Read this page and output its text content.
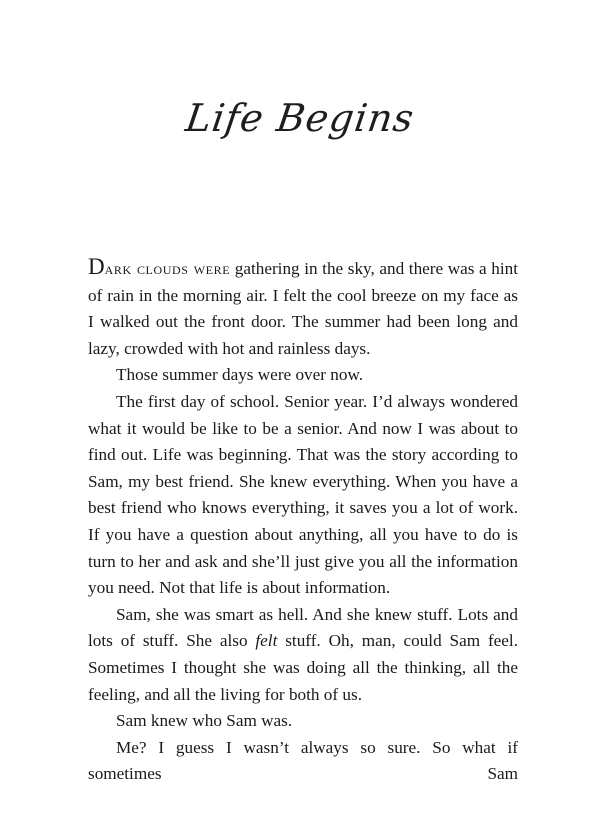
Life Begins

Dark clouds were gathering in the sky, and there was a hint of rain in the morning air. I felt the cool breeze on my face as I walked out the front door. The summer had been long and lazy, crowded with hot and rainless days.

Those summer days were over now.

The first day of school. Senior year. I’d always wondered what it would be like to be a senior. And now I was about to find out. Life was beginning. That was the story according to Sam, my best friend. She knew everything. When you have a best friend who knows everything, it saves you a lot of work. If you have a question about anything, all you have to do is turn to her and ask and she’ll just give you all the information you need. Not that life is about information.

Sam, she was smart as hell. And she knew stuff. Lots and lots of stuff. She also felt stuff. Oh, man, could Sam feel. Sometimes I thought she was doing all the thinking, all the feeling, and all the living for both of us.

Sam knew who Sam was.

Me? I guess I wasn’t always so sure. So what if sometimes Sam
